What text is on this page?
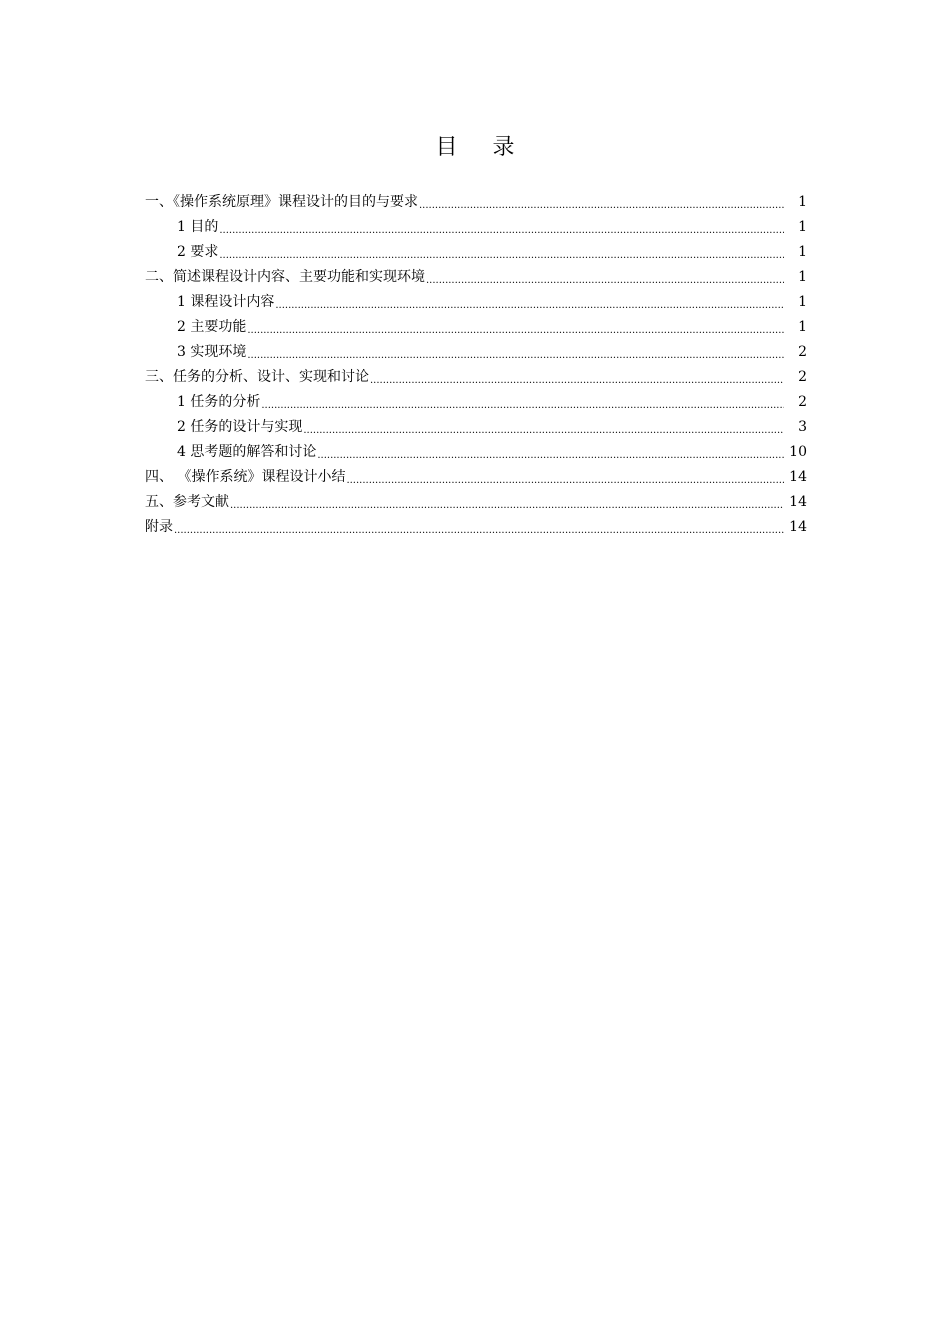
目 录
一、《操作系统原理》课程设计的目的与要求 .....	1
1 目的 .....	1
2 要求 .....	1
二、简述课程设计内容、主要功能和实现环境 .....	1
1 课程设计内容 .....	1
2 主要功能 .....	1
3 实现环境 .....	2
三、任务的分析、设计、实现和讨论 .....	2
1 任务的分析 .....	2
2 任务的设计与实现 .....	3
4 思考题的解答和讨论 .....	10
四、 《操作系统》课程设计小结 .....	14
五、参考文献 .....	14
附录 .....	14
